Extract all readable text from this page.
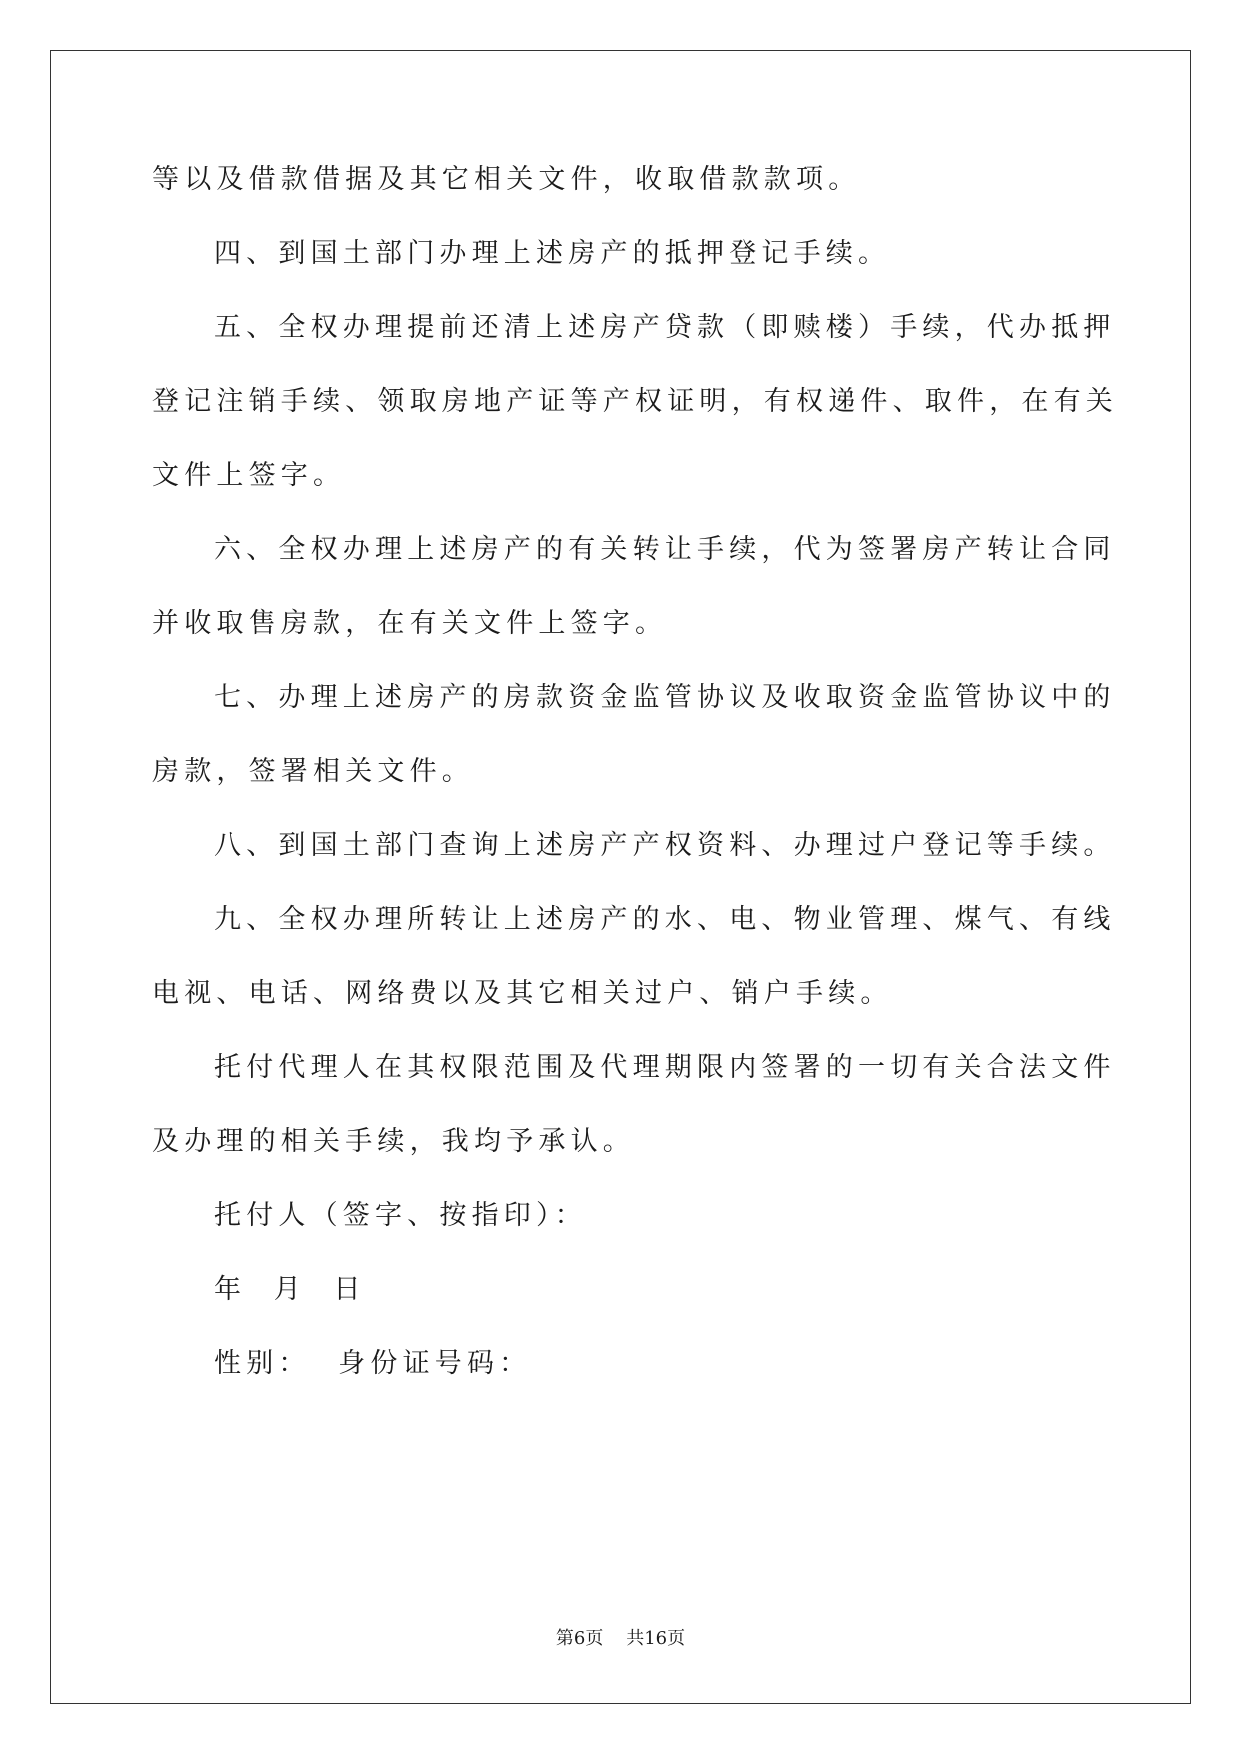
等以及借款借据及其它相关文件，收取借款款项。
四、到国土部门办理上述房产的抵押登记手续。
五、全权办理提前还清上述房产贷款（即赎楼）手续，代办抵押
登记注销手续、领取房地产证等产权证明，有权递件、取件，在有关
文件上签字。
六、全权办理上述房产的有关转让手续，代为签署房产转让合同
并收取售房款，在有关文件上签字。
七、办理上述房产的房款资金监管协议及收取资金监管协议中的
房款，签署相关文件。
八、到国土部门查询上述房产产权资料、办理过户登记等手续。
九、全权办理所转让上述房产的水、电、物业管理、煤气、有线
电视、电话、网络费以及其它相关过户、销户手续。
托付代理人在其权限范围及代理期限内签署的一切有关合法文件
及办理的相关手续，我均予承认。
托付人（签字、按指印）：
年  月  日
性别：  身份证号码：
第6页    共16页
